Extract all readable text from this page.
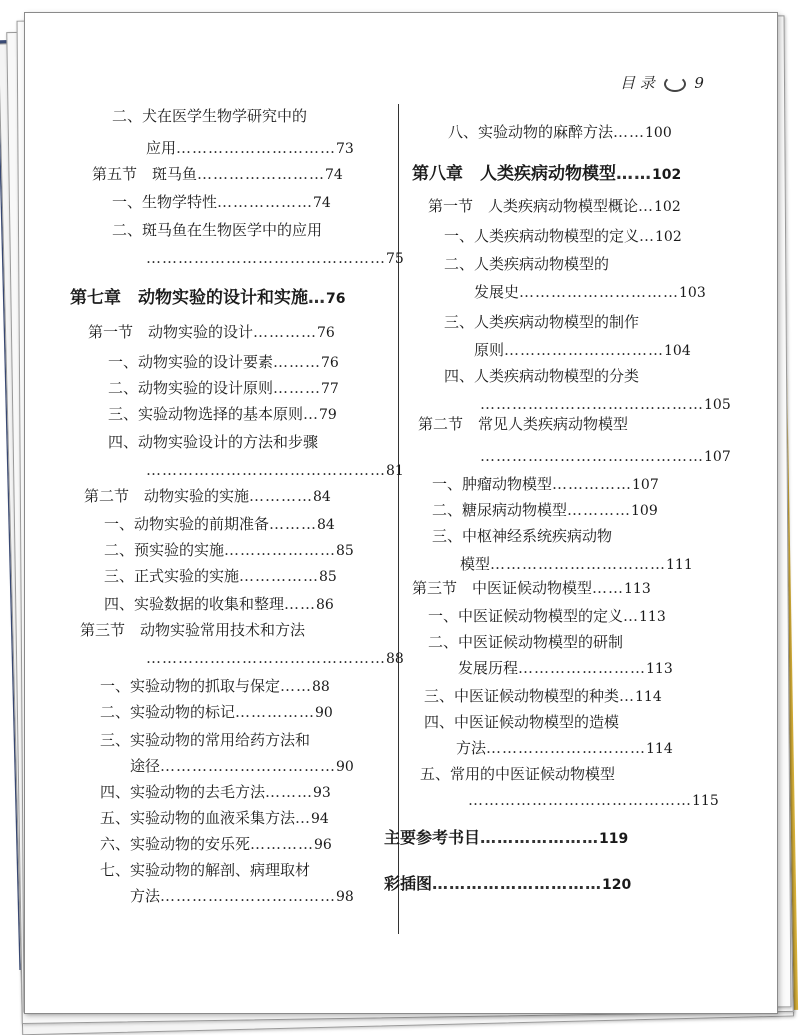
目 录	9
二、犬在医学生物学研究中的
应用…………………………73
第五节　斑马鱼……………………74
一、生物学特性………………74
二、斑马鱼在生物医学中的应用
………………………………………75
第七章　动物实验的设计和实施…76
第一节　动物实验的设计…………76
一、动物实验的设计要素………76
二、动物实验的设计原则………77
三、实验动物选择的基本原则…79
四、动物实验设计的方法和步骤
………………………………………81
第二节　动物实验的实施…………84
一、动物实验的前期准备………84
二、预实验的实施…………………85
三、正式实验的实施……………85
四、实验数据的收集和整理……86
第三节　动物实验常用技术和方法
………………………………………88
一、实验动物的抓取与保定……88
二、实验动物的标记……………90
三、实验动物的常用给药方法和
途径……………………………90
四、实验动物的去毛方法………93
五、实验动物的血液采集方法…94
六、实验动物的安乐死…………96
七、实验动物的解剖、病理取材
方法……………………………98
八、实验动物的麻醉方法……100
第八章　人类疾病动物模型……102
第一节　人类疾病动物模型概论…102
一、人类疾病动物模型的定义…102
二、人类疾病动物模型的
发展史…………………………103
三、人类疾病动物模型的制作
原则…………………………104
四、人类疾病动物模型的分类
……………………………………105
第二节　常见人类疾病动物模型
……………………………………107
一、肿瘤动物模型……………107
二、糖尿病动物模型…………109
三、中枢神经系统疾病动物
模型……………………………111
第三节　中医证候动物模型……113
一、中医证候动物模型的定义…113
二、中医证候动物模型的研制
发展历程……………………113
三、中医证候动物模型的种类…114
四、中医证候动物模型的造模
方法…………………………114
五、常用的中医证候动物模型
……………………………………115
主要参考书目…………………119
彩插图…………………………120
